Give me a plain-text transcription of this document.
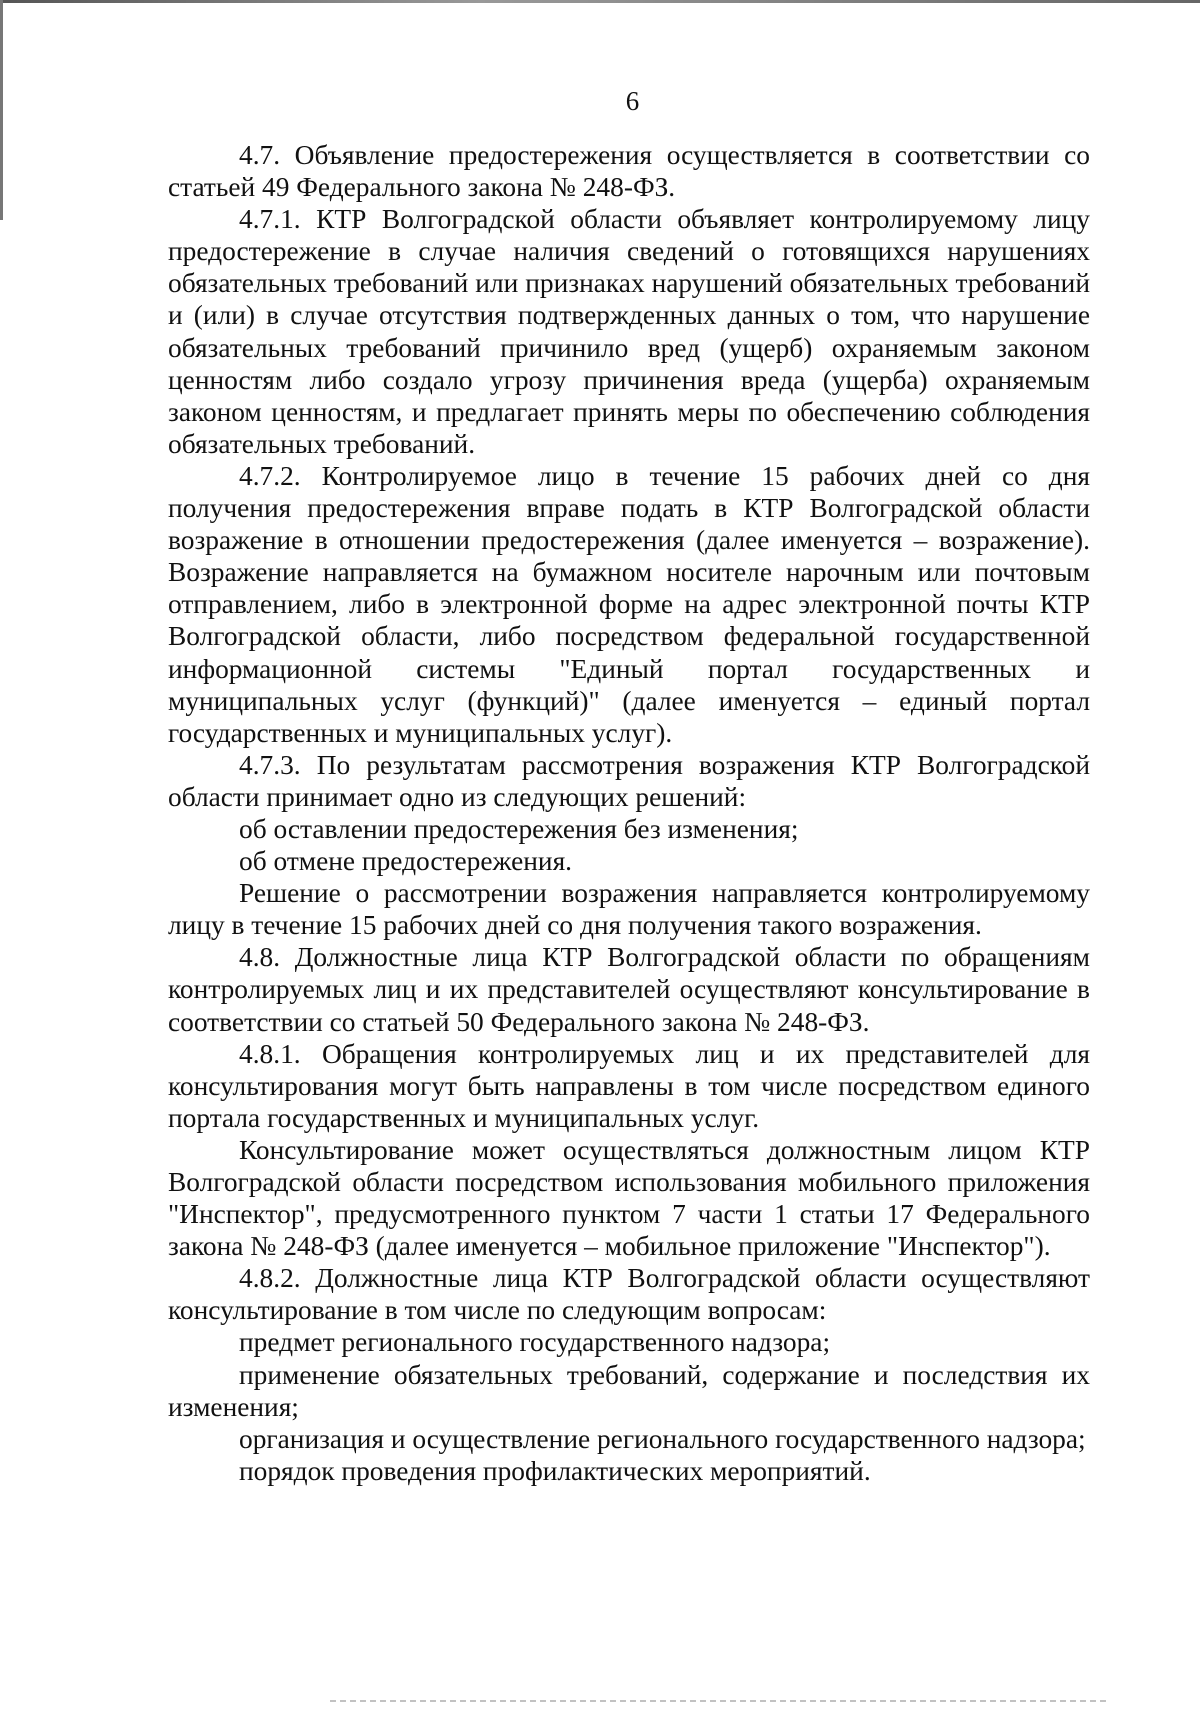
6

4.7. Объявление предостережения осуществляется в соответствии со статьей 49 Федерального закона № 248-ФЗ.

4.7.1. КТР Волгоградской области объявляет контролируемому лицу предостережение в случае наличия сведений о готовящихся нарушениях обязательных требований или признаках нарушений обязательных требований и (или) в случае отсутствия подтвержденных данных о том, что нарушение обязательных требований причинило вред (ущерб) охраняемым законом ценностям либо создало угрозу причинения вреда (ущерба) охраняемым законом ценностям, и предлагает принять меры по обеспечению соблюдения обязательных требований.

4.7.2. Контролируемое лицо в течение 15 рабочих дней со дня получения предостережения вправе подать в КТР Волгоградской области возражение в отношении предостережения (далее именуется – возражение). Возражение направляется на бумажном носителе нарочным или почтовым отправлением, либо в электронной форме на адрес электронной почты КТР Волгоградской области, либо посредством федеральной государственной информационной системы "Единый портал государственных и муниципальных услуг (функций)" (далее именуется – единый портал государственных и муниципальных услуг).

4.7.3. По результатам рассмотрения возражения КТР Волгоградской области принимает одно из следующих решений:

об оставлении предостережения без изменения;

об отмене предостережения.

Решение о рассмотрении возражения направляется контролируемому лицу в течение 15 рабочих дней со дня получения такого возражения.

4.8. Должностные лица КТР Волгоградской области по обращениям контролируемых лиц и их представителей осуществляют консультирование в соответствии со статьей 50 Федерального закона № 248-ФЗ.

4.8.1. Обращения контролируемых лиц и их представителей для консультирования могут быть направлены в том числе посредством единого портала государственных и муниципальных услуг.

Консультирование может осуществляться должностным лицом КТР Волгоградской области посредством использования мобильного приложения "Инспектор", предусмотренного пунктом 7 части 1 статьи 17 Федерального закона № 248-ФЗ (далее именуется – мобильное приложение "Инспектор").

4.8.2. Должностные лица КТР Волгоградской области осуществляют консультирование в том числе по следующим вопросам:

предмет регионального государственного надзора;

применение обязательных требований, содержание и последствия их изменения;

организация и осуществление регионального государственного надзора;

порядок проведения профилактических мероприятий.
